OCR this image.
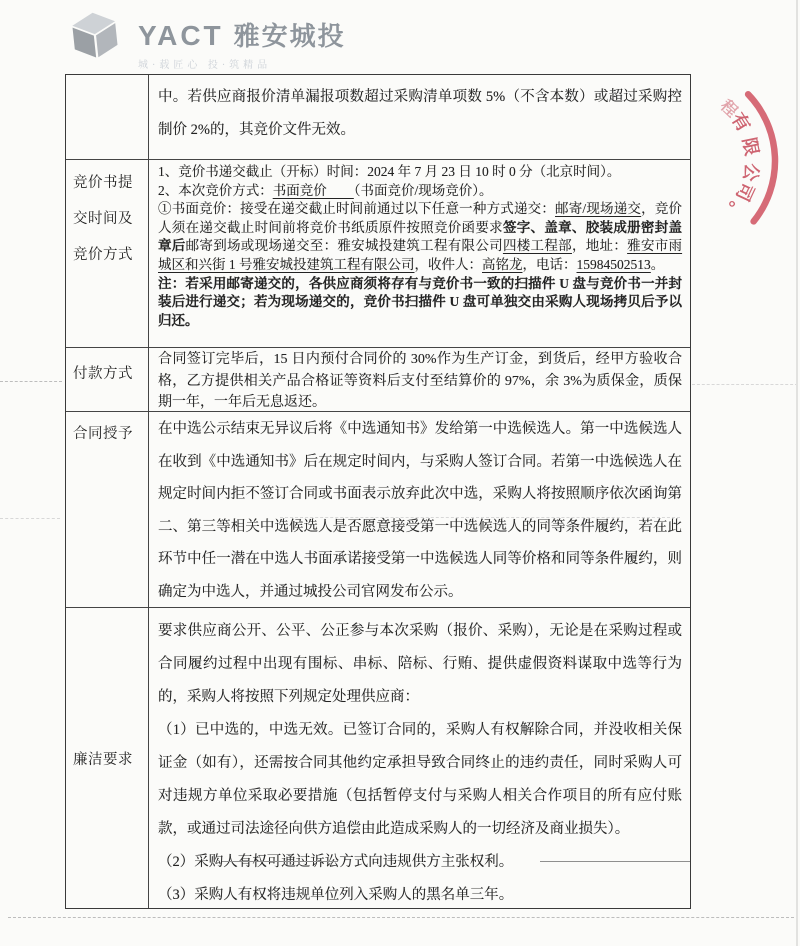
YACT 雅安城投
城·载匠心 投·筑精品

中。若供应商报价清单漏报项数超过采购清单项数 5%（不含本数）或超过采购控制价 2%的，其竞价文件无效。

竞价书提交时间及竞价方式

1、竞价书递交截止（开标）时间：2024 年 7 月 23 日 10 时 0 分（北京时间）。

2、本次竞价方式：书面竞价　　（书面竞价/现场竞价）。

①书面竞价：接受在递交截止时间前通过以下任意一种方式递交：邮寄/现场递交，竞价人须在递交截止时间前将竞价书纸质原件按照竞价函要求签字、盖章、胶装成册密封盖章后邮寄到场或现场递交至：雅安城投建筑工程有限公司四楼工程部，地址：雅安市雨城区和兴街 1 号雅安城投建筑工程有限公司，收件人：高铭龙，电话：15984502513。

注：若采用邮寄递交的，各供应商须将存有与竞价书一致的扫描件 U 盘与竞价书一并封装后进行递交；若为现场递交的，竞价书扫描件 U 盘可单独交由采购人现场拷贝后予以归还。

付款方式

合同签订完毕后，15 日内预付合同价的 30%作为生产订金，到货后，经甲方验收合格，乙方提供相关产品合格证等资料后支付至结算价的 97%，余 3%为质保金，质保期一年，一年后无息返还。

合同授予	在中选公示结束无异议后将《中选通知书》发给第一中选候选人。第一中选候选人在收到《中选通知书》后在规定时间内，与采购人签订合同。若第一中选候选人在规定时间内拒不签订合同或书面表示放弃此次中选，采购人将按照顺序依次函询第二、第三等相关中选候选人是否愿意接受第一中选候选人的同等条件履约，若在此环节中任一潜在中选人书面承诺接受第一中选候选人同等价格和同等条件履约，则确定为中选人，并通过城投公司官网发布公示。

廉洁要求

要求供应商公开、公平、公正参与本次采购（报价、采购），无论是在采购过程或合同履约过程中出现有围标、串标、陪标、行贿、提供虚假资料谋取中选等行为的，采购人将按照下列规定处理供应商：

（1）已中选的，中选无效。已签订合同的，采购人有权解除合同，并没收相关保证金（如有），还需按合同其他约定承担导致合同终止的违约责任，同时采购人可对违规方单位采取必要措施（包括暂停支付与采购人相关合作项目的所有应付账款，或通过司法途径向供方追偿由此造成采购人的一切经济及商业损失）。

（2）采购人有权可通过诉讼方式向违规供方主张权利。

（3）采购人有权将违规单位列入采购人的黑名单三年。

程
有
限
公
司
。
